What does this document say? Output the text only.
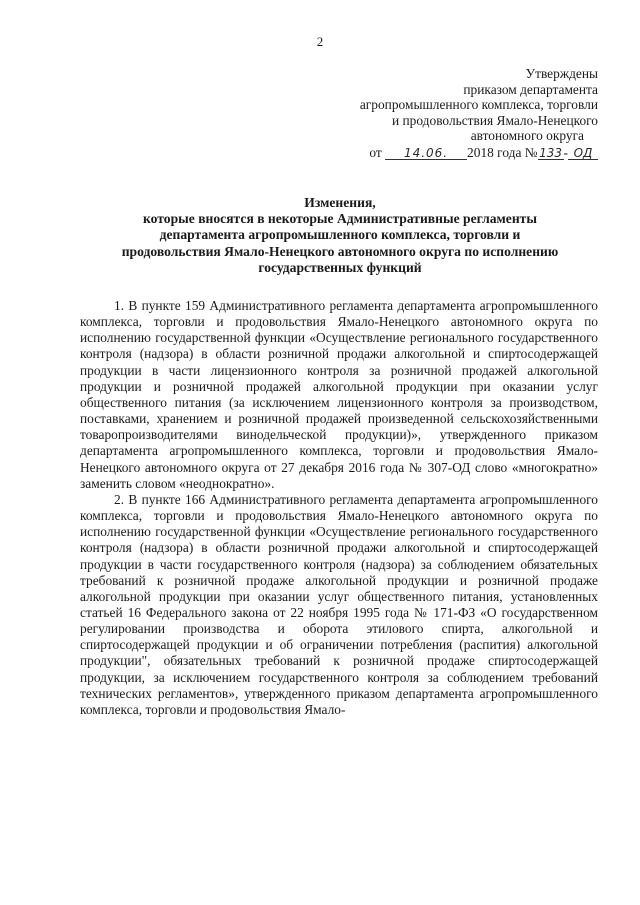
2
Утверждены
приказом департамента
агропромышленного комплекса, торговли
и продовольствия Ямало-Ненецкого
автономного округа
от 14.06. 2018 года № 133 - ОД
Изменения,
которые вносятся в некоторые Административные регламенты
департамента агропромышленного комплекса, торговли и
продовольствия Ямало-Ненецкого автономного округа по исполнению
государственных функций

1. В пункте 159 Административного регламента департамента агропромышленного комплекса, торговли и продовольствия Ямало-Ненецкого автономного округа по исполнению государственной функции «Осуществление регионального государственного контроля (надзора) в области розничной продажи алкогольной и спиртосодержащей продукции в части лицензионного контроля за розничной продажей алкогольной продукции и розничной продажей алкогольной продукции при оказании услуг общественного питания (за исключением лицензионного контроля за производством, поставками, хранением и розничной продажей произведенной сельскохозяйственными товаропроизводителями винодельческой продукции)», утвержденного приказом департамента агропромышленного комплекса, торговли и продовольствия Ямало-Ненецкого автономного округа от 27 декабря 2016 года № 307-ОД слово «многократно» заменить словом «неоднократно».

2. В пункте 166 Административного регламента департамента агропромышленного комплекса, торговли и продовольствия Ямало-Ненецкого автономного округа по исполнению государственной функции «Осуществление регионального государственного контроля (надзора) в области розничной продажи алкогольной и спиртосодержащей продукции в части государственного контроля (надзора) за соблюдением обязательных требований к розничной продаже алкогольной продукции и розничной продаже алкогольной продукции при оказании услуг общественного питания, установленных статьей 16 Федерального закона от 22 ноября 1995 года № 171-ФЗ «О государственном регулировании производства и оборота этилового спирта, алкогольной и спиртосодержащей продукции и об ограничении потребления (распития) алкогольной продукции", обязательных требований к розничной продаже спиртосодержащей продукции, за исключением государственного контроля за соблюдением требований технических регламентов», утвержденного приказом департамента агропромышленного комплекса, торговли и продовольствия Ямало-
